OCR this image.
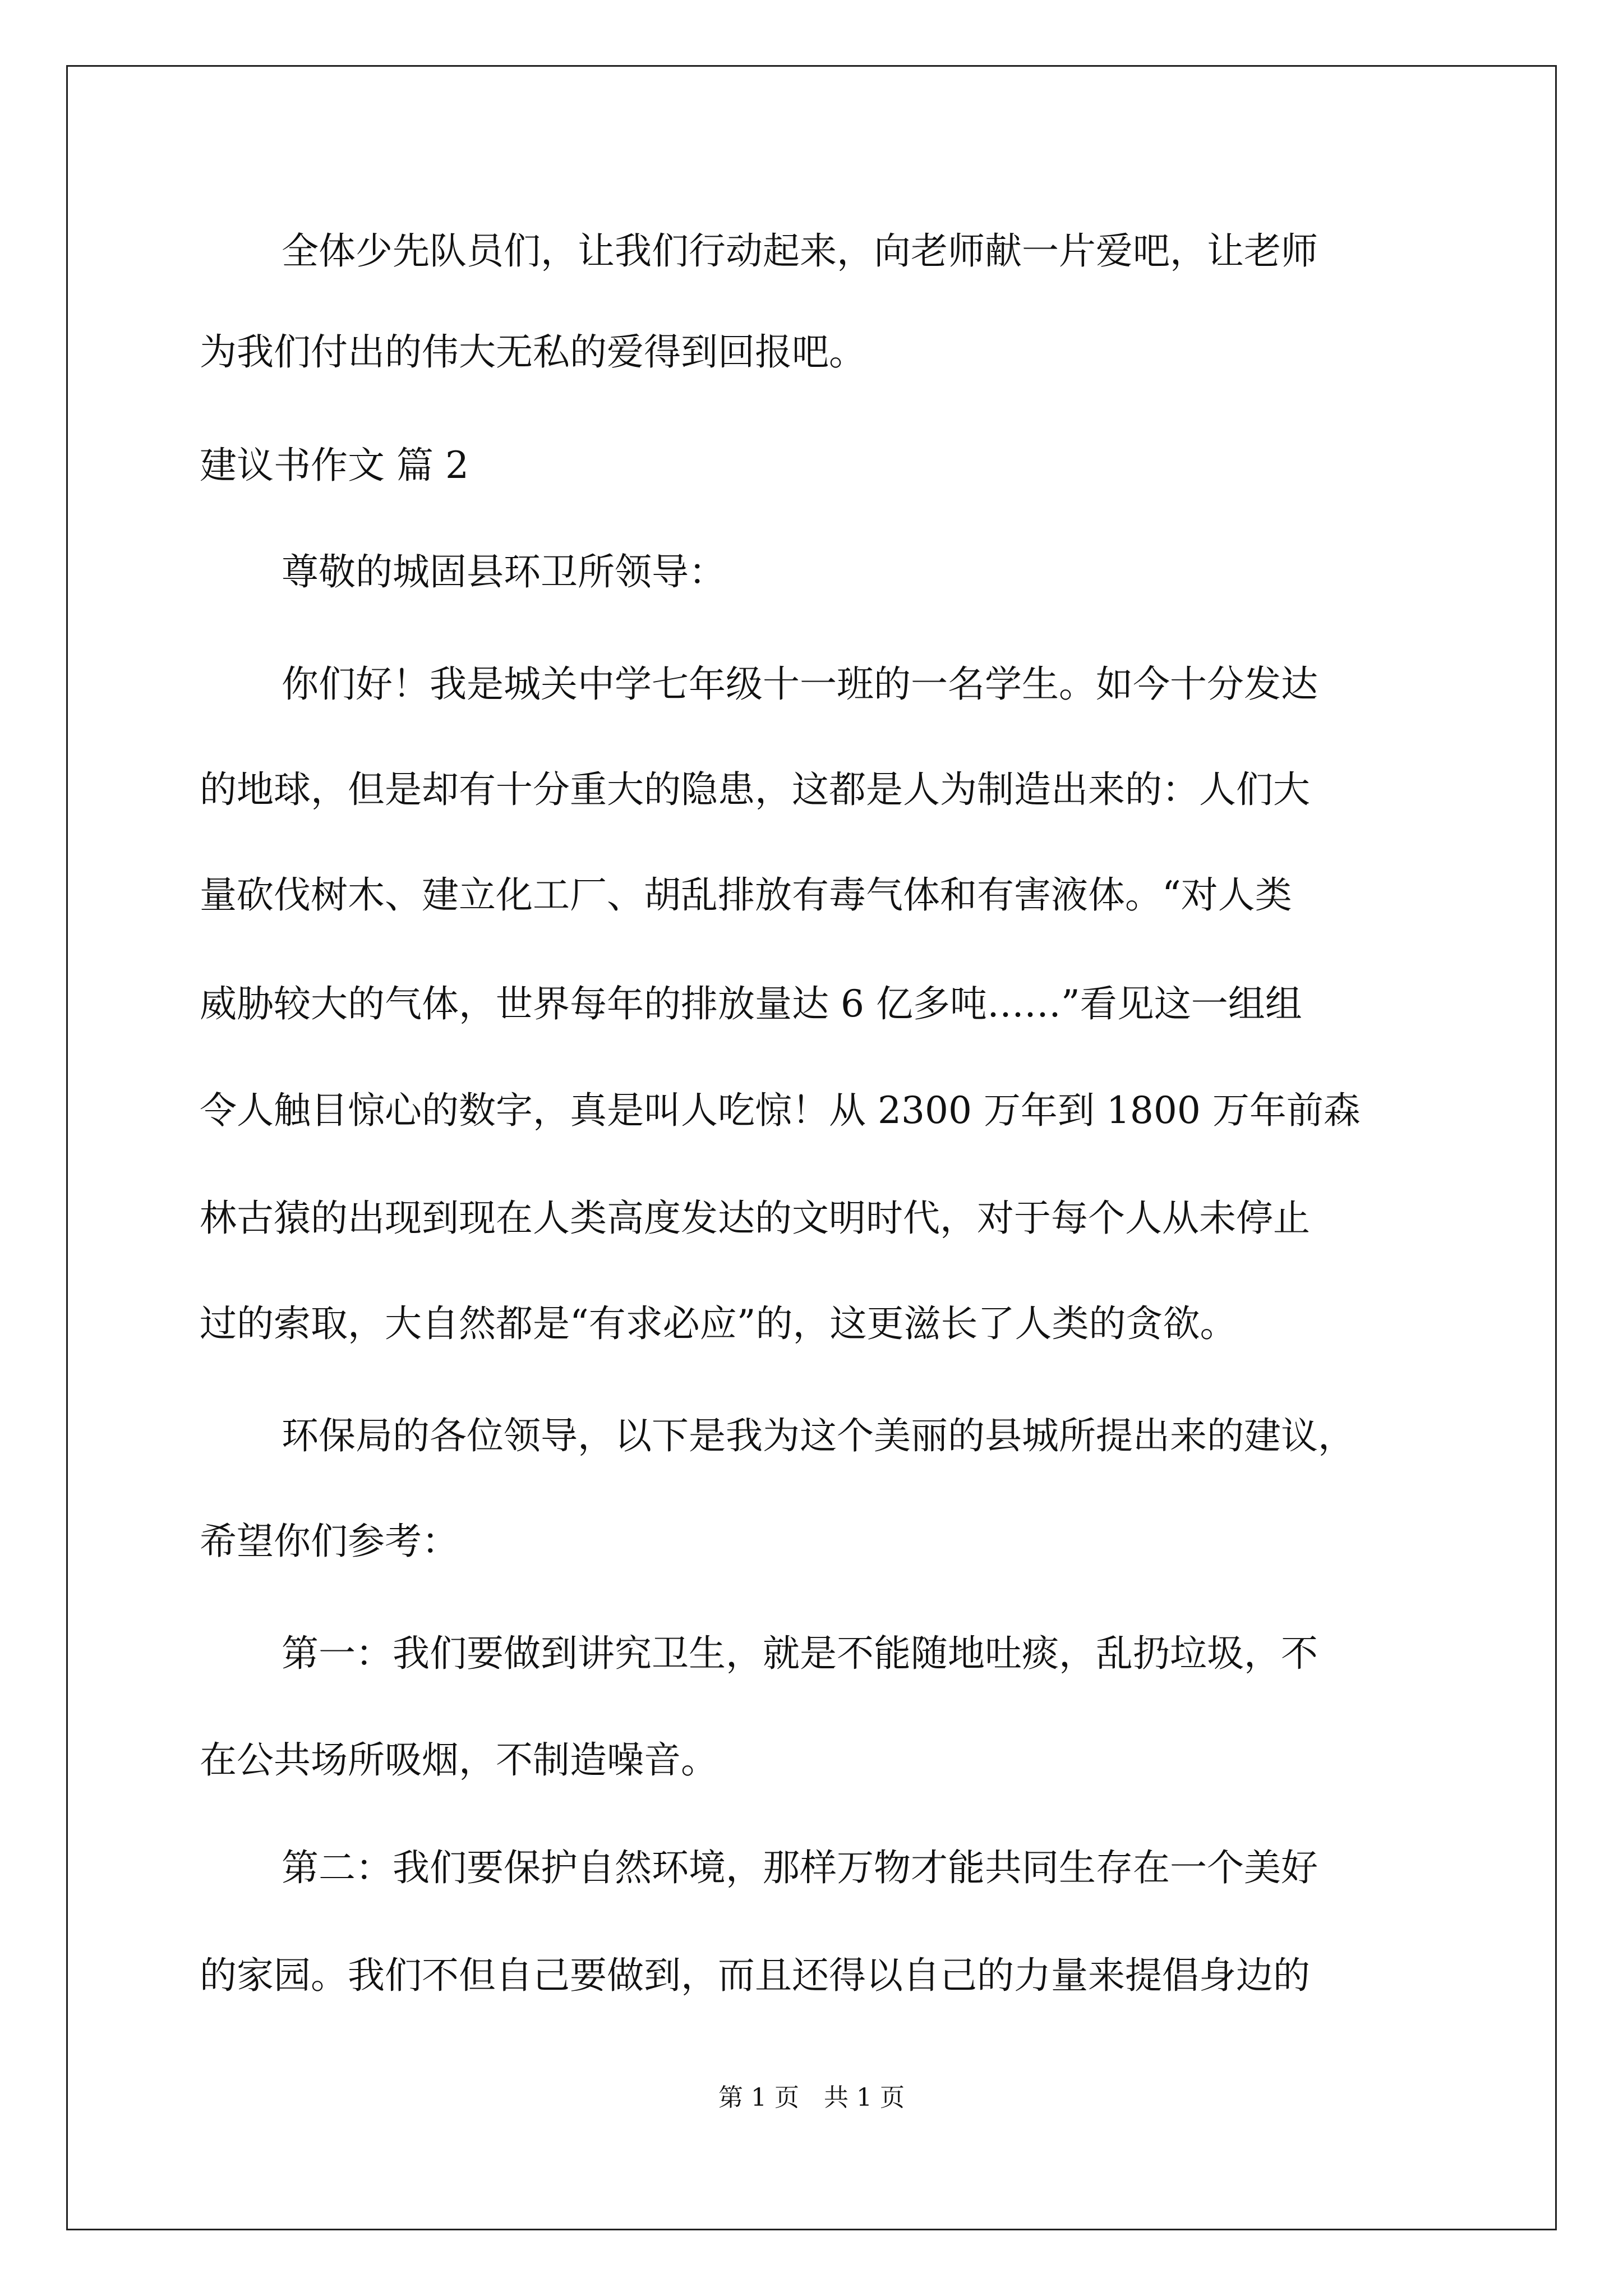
全体少先队员们，让我们行动起来，向老师献一片爱吧，让老师
为我们付出的伟大无私的爱得到回报吧。
建议书作文 篇 2
尊敬的城固县环卫所领导：
你们好！我是城关中学七年级十一班的一名学生。如今十分发达
的地球，但是却有十分重大的隐患，这都是人为制造出来的：人们大
量砍伐树木、建立化工厂、胡乱排放有毒气体和有害液体。“对人类
威胁较大的气体，世界每年的排放量达 6 亿多吨……”看见这一组组
令人触目惊心的数字，真是叫人吃惊！从 2300 万年到 1800 万年前森
林古猿的出现到现在人类高度发达的文明时代，对于每个人从未停止
过的索取，大自然都是“有求必应”的，这更滋长了人类的贪欲。
环保局的各位领导，以下是我为这个美丽的县城所提出来的建议，
希望你们参考：
第一：我们要做到讲究卫生，就是不能随地吐痰，乱扔垃圾，不
在公共场所吸烟，不制造噪音。
第二：我们要保护自然环境，那样万物才能共同生存在一个美好
的家园。我们不但自己要做到，而且还得以自己的力量来提倡身边的
第 1 页　共 1 页
